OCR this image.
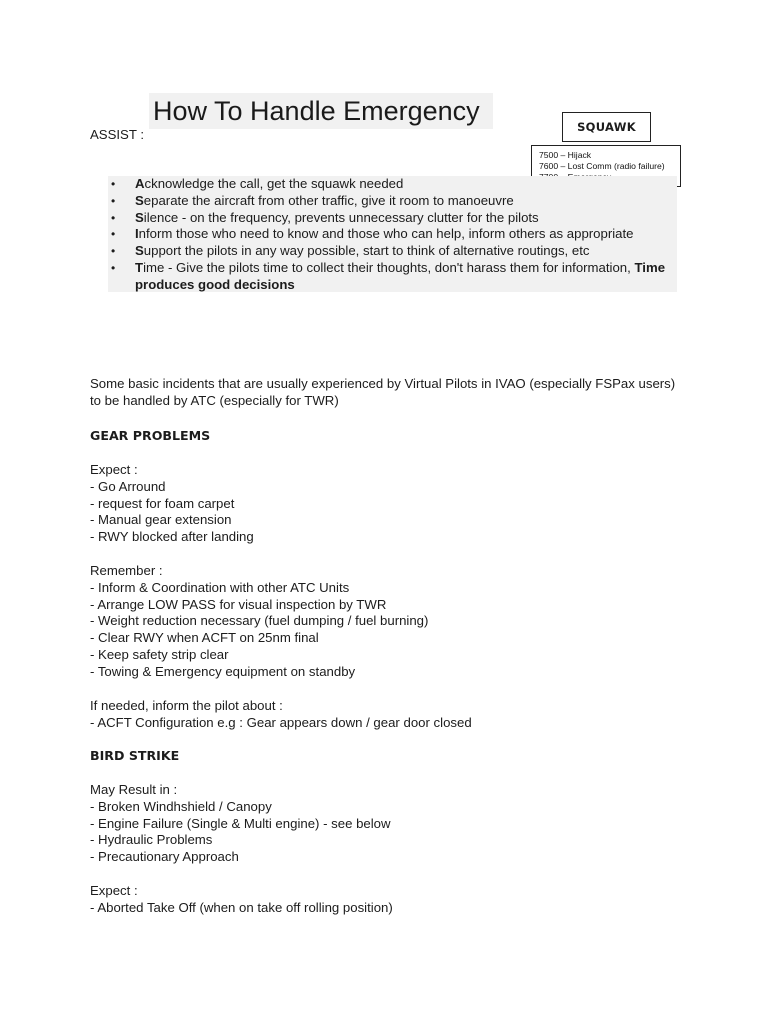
How To Handle Emergency
ASSIST :	SQUAWK
7500 – Hijack
7600 – Lost Comm (radio failure)
• Acknowledge the call, get the squawk needed
• Separate the aircraft from other traffic, give it room to manoeuvre
• Silence - on the frequency, prevents unnecessary clutter for the pilots
• Inform those who need to know and those who can help, inform others as appropriate
• Support the pilots in any way possible, start to think of alternative routings, etc
• Time - Give the pilots time to collect their thoughts, don't harass them for information, Time produces good decisions
Some basic incidents that are usually experienced by Virtual Pilots in IVAO (especially FSPax users)
to be handled by ATC (especially for TWR)
GEAR PROBLEMS
Expect :
- Go Arround
- request for foam carpet
- Manual gear extension
- RWY blocked after landing
Remember :
- Inform & Coordination with other ATC Units
- Arrange LOW PASS for visual inspection by TWR
- Weight reduction necessary (fuel dumping / fuel burning)
- Clear RWY when ACFT on 25nm final
- Keep safety strip clear
- Towing & Emergency equipment on standby
If needed, inform the pilot about :
- ACFT Configuration e.g : Gear appears down / gear door closed
BIRD STRIKE
May Result in :
- Broken Windhshield / Canopy
- Engine Failure (Single & Multi engine) - see below
- Hydraulic Problems
- Precautionary Approach
Expect :
- Aborted Take Off (when on take off rolling position)
